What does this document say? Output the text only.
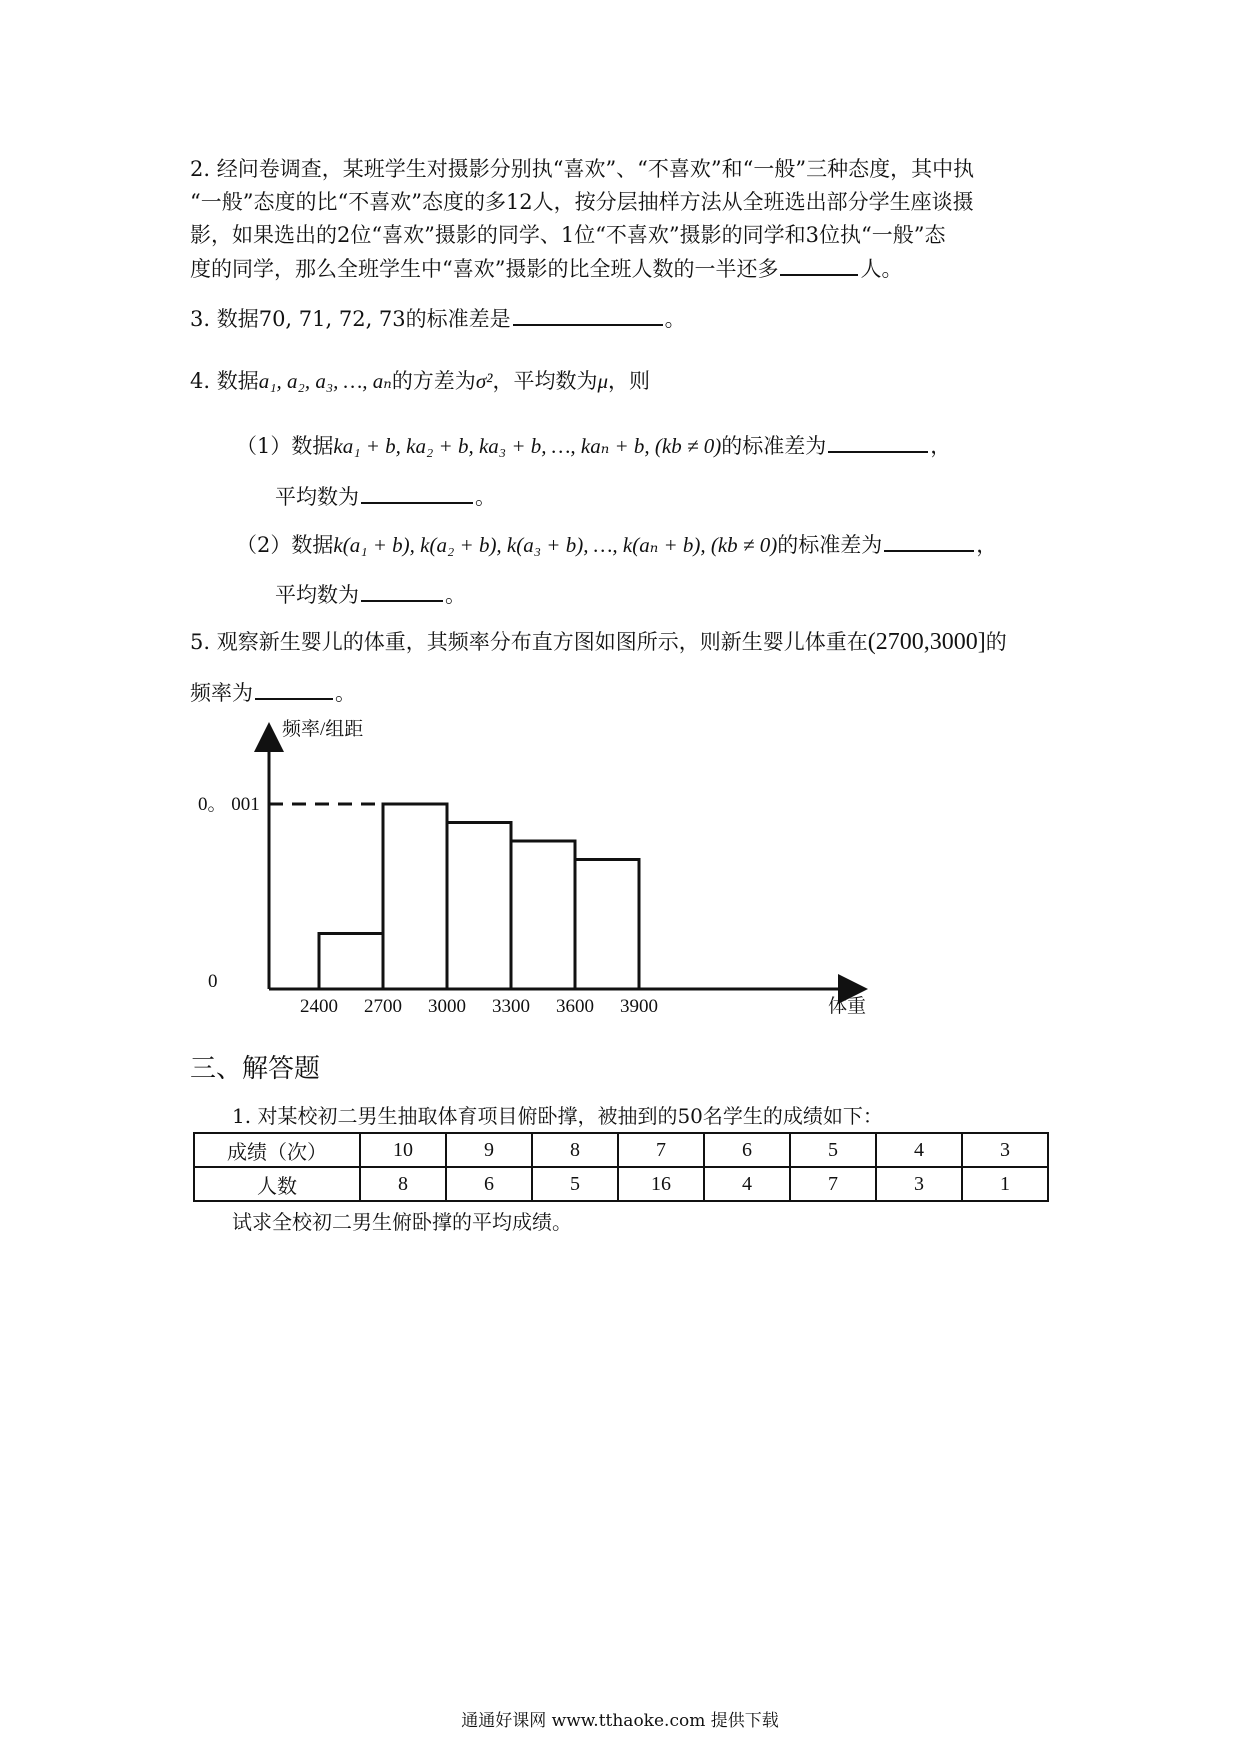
2. 经问卷调查，某班学生对摄影分别执“喜欢”、“不喜欢”和“一般”三种态度，其中执
“一般”态度的比“不喜欢”态度的多12人，按分层抽样方法从全班选出部分学生座谈摄
影，如果选出的2位“喜欢”摄影的同学、1位“不喜欢”摄影的同学和3位执“一般”态
度的同学，那么全班学生中“喜欢”摄影的比全班人数的一半还多	人。
3. 数据70, 71, 72, 73的标准差是	。
4. 数据a₁, a₂, a₃, …, aₙ的方差为σ²，平均数为μ，则
（1）数据ka₁ + b, ka₂ + b, ka₃ + b, …, kaₙ + b, (kb ≠ 0)的标准差为	，
平均数为	。
（2）数据k(a₁ + b), k(a₂ + b), k(a₃ + b), …, k(aₙ + b), (kb ≠ 0)的标准差为	，
平均数为	。
5. 观察新生婴儿的体重，其频率分布直方图如图所示，则新生婴儿体重在(2700,3000]的
频率为	。
频率/组距
体重
0
0。 001
2400 2700 3000 3300 3600 3900
三、解答题
1. 对某校初二男生抽取体育项目俯卧撑，被抽到的50名学生的成绩如下：
成绩（次）	10	9	8	7	6	5	4	3
人数	8	6	5	16	4	7	3	1
试求全校初二男生俯卧撑的平均成绩。
通通好课网 www.tthaoke.com 提供下载
